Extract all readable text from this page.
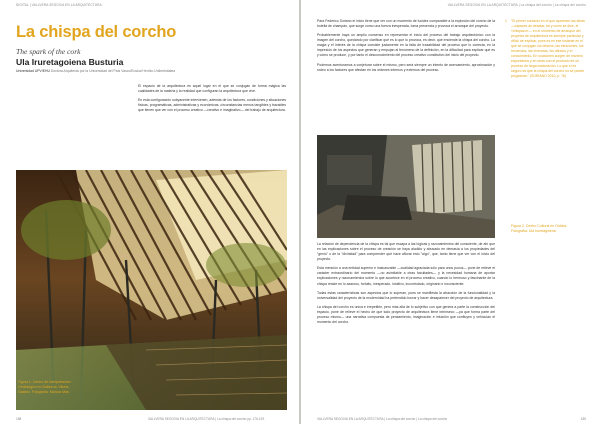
DIGITAL | VALLVERA SEGOVIA EN LA ARQUITECTURA
La chispa del corcho
The spark of the cork
Ula Iruretagoiena Busturia
Universidad UPV/EHU Doctora Arquitecta por la Universidad del País Vasco/Euskal Herriko Unibertsitatea

El espacio de la arquitectura es aquel lugar en el que se conjugan de forma mágica las cualidades de la materia y la realidad que configuran la arquitectura que vive.

En esta configuración subyacente intervienen, además de los factores, condiciones y situaciones físicas, programáticas, administrativas y económicas, circunstancias menos tangibles y trazables que tienen que ver con el proceso creativo —creativo e imaginativo— del trabajo de arquitectura.

Figura 1. Centro de Interpretación Ornitológico en Salburua. Vitoria-Gasteiz. Fotografía: Marcos Mas
188	VALLVERA SEGOVIA EN LA ARQUITECTURA | La chispa del corcho pp. 176-193
VALLVERA SEGOVIA EN LA ARQUITECTURA | La chispa del corcho | La chispa del corcho

Para Federico Soriano el inicio tiene que ver con un momento de lucidez comparable a la explosión del corcho de la botella de champán, que surge como una fuerza inesperada, toma presencia y provoca el arranque del proyecto.

Probablemente haya un amplio consenso en representar el inicio del proceso del trabajo arquitectónico con la imagen del corcho, quedando por clarificar qué es lo que lo provoca, es decir, qué enciende la chispa del corcho. La magia y el interés de la chispa consiste justamente en la falta de trazabilidad del proceso que lo conecta, en la impresión de los aspectos que generan y empujan al fenómeno de la definición, en la dificultad para explicar qué es y cómo se produce, y por tanto el desconocimiento del proceso creativo constitutivo del inicio del proyecto.

Podemos aventuramos a conjeturar sobre el mismo, pero será siempre un intento de acercamiento, aproximación y rodeo a los factores que afectan en los órdenes internos y externos del proceso.

La relación de dependencia de la chispa es tal que escapa a las lógicas y razonamientos del consciente, de ahí que en las explicaciones sobre el proceso de creación se haya aludido y abusado en demasía a los propiedades del "genio" o de la "divinidad" para comprender qué hace aflorar esto "algo", que, tanto tiene que ver con el inicio del proyecto.

Esta mención a una entidad superior e inalcanzable —cualidad agraciada sólo para unos pocos— pone de relieve el carácter extraordinario del momento —no asimilable a otras facultades— y la necesidad humana de aportar explicaciones y razonamientos sobre lo que acontece en el proceso creativo, cuando lo hermoso y fascinante de la chispa reside en lo azaroso, fortuito, inesperado, intuitivo, incontrolado, originario e inconsciente.

Todas estas características son aspectos que lo superan, pues se manifiesta la atracción de la funcionalidad y la universalidad del proyecto de la modernidad ha pretendido borrar y hacer desaparecer del proyecto de arquitectura.

La chispa del corcho es única e irrepetible, pero más allá de lo subjetivo con que genera a parte la construcción del espacio, pone de relieve el hecho de que todo proyecto de arquitectura tiene intrínseco —ya que forma parte del proceso mismo— una narrativa compuesta de pensamiento, imaginación e intuición que confluyen y vehiculan el momento del corcho.

1 "El primer contacto en el que aparecen las ideas —capaces de desatar, tal y como se dice, el «chispazo»— en el momento de arranque del proyecto de arquitectura es siempre particular y difícil de explicar, pues es en ese instante en el que se conjugan los deseos, las intuiciones, los recuerdos, las vivencias, los afectos y el conocimiento. En ocasiones surgen de manera espontánea y en otras son el producto de un proceso de larga maduración. Lo que sí es seguro es que la chispa del corcho no se puede programar." (SORIANO 2010, p. 76)
Figura 2. Centro Cultural en Ordizia. Fotografía: Ula Iruretagoiena
VALLVERA SEGOVIA EN LA ARQUITECTURA | La chispa del corcho | La chispa del corcho	189
